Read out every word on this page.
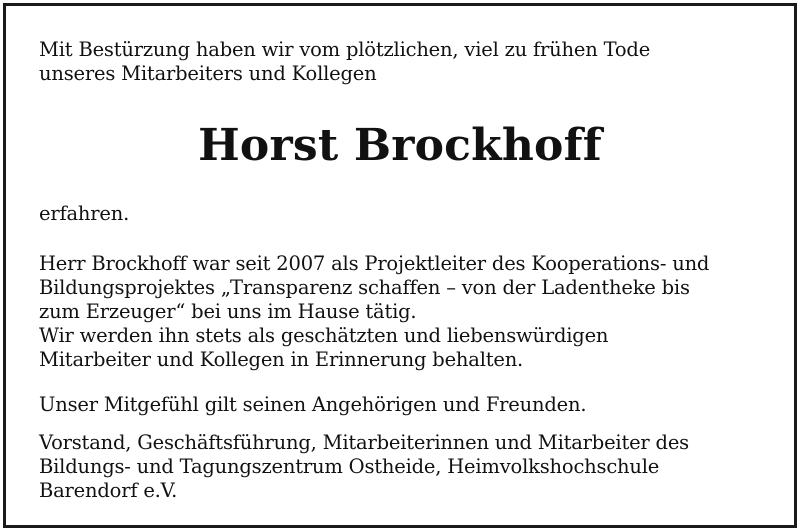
Mit Bestürzung haben wir vom plötzlichen, viel zu frühen Tode
unseres Mitarbeiters und Kollegen

Horst Brockhoff

erfahren.

Herr Brockhoff war seit 2007 als Projektleiter des Kooperations- und
Bildungsprojektes „Transparenz schaffen – von der Ladentheke bis
zum Erzeuger“ bei uns im Hause tätig.

Wir werden ihn stets als geschätzten und liebenswürdigen
Mitarbeiter und Kollegen in Erinnerung behalten.

Unser Mitgefühl gilt seinen Angehörigen und Freunden.

Vorstand, Geschäftsführung, Mitarbeiterinnen und Mitarbeiter des
Bildungs- und Tagungszentrum Ostheide, Heimvolkshochschule
Barendorf e.V.
